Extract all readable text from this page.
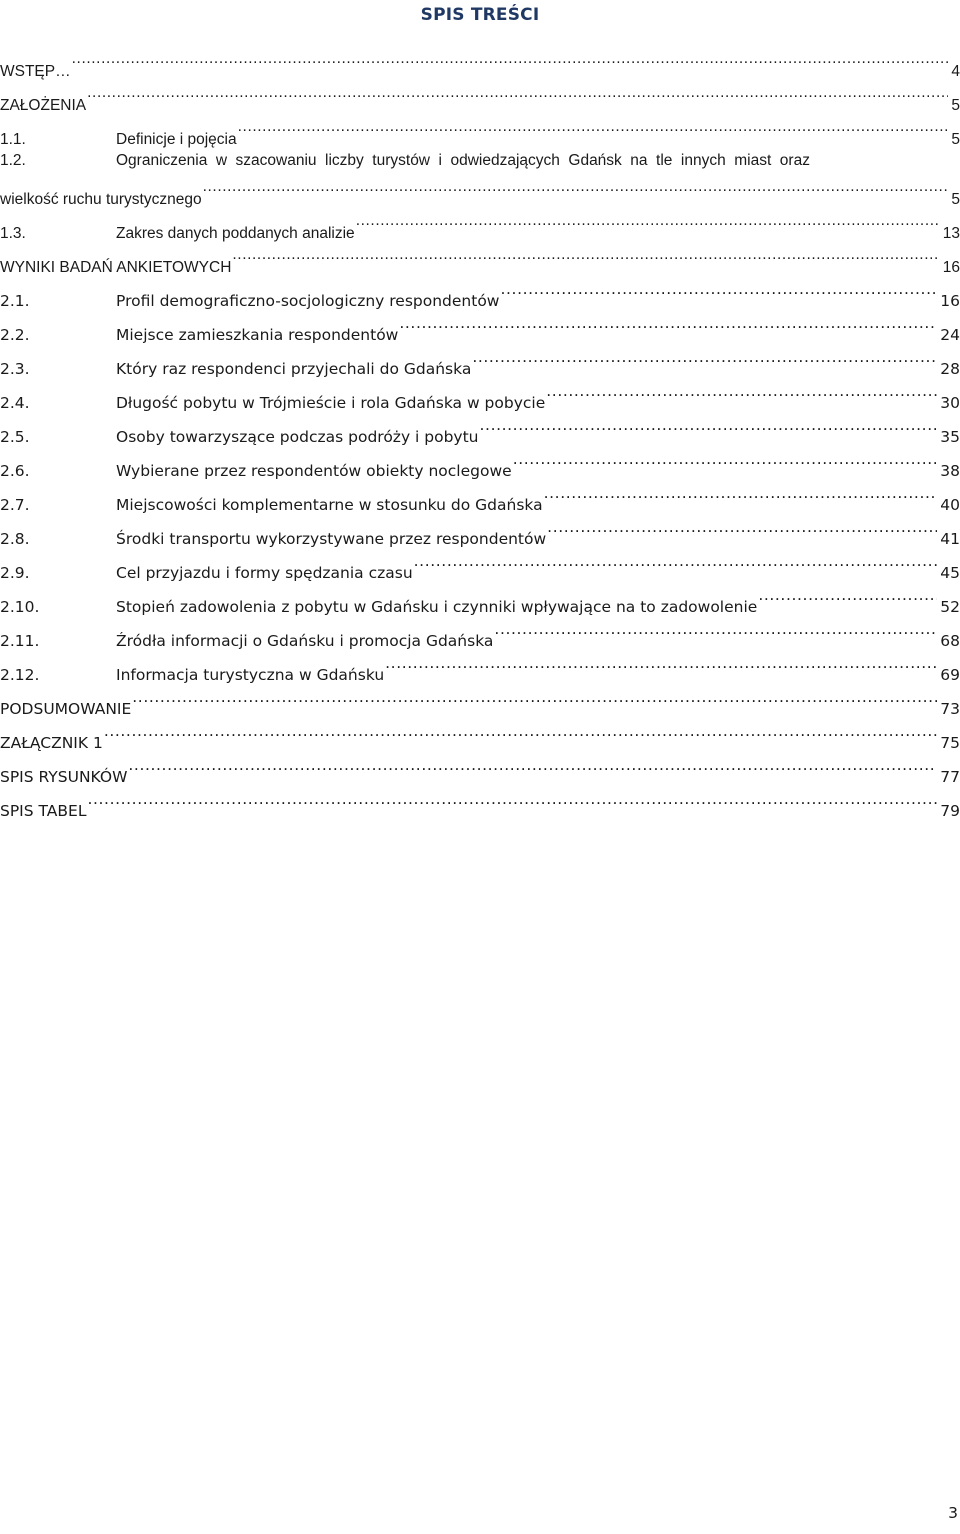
SPIS TREŚCI
WSTĘP… .....	4
ZAŁOŻENIA .....	5
1.1.	Definicje i pojęcia .....	5
1.2.	Ograniczenia w szacowaniu liczby turystów i odwiedzających Gdańsk na tle innych miast oraz
wielkość ruchu turystycznego .....	5
1.3.	Zakres danych poddanych analizie .....	13
WYNIKI BADAŃ ANKIETOWYCH .....	16
2.1.	Profil demograficzno-socjologiczny respondentów .....	16
2.2.	Miejsce zamieszkania respondentów .....	24
2.3.	Który raz respondenci przyjechali do Gdańska .....	28
2.4.	Długość pobytu w Trójmieście i rola Gdańska w pobycie .....	30
2.5.	Osoby towarzyszące podczas podróży i pobytu .....	35
2.6.	Wybierane przez respondentów obiekty noclegowe .....	38
2.7.	Miejscowości komplementarne w stosunku do Gdańska .....	40
2.8.	Środki transportu wykorzystywane przez respondentów .....	41
2.9.	Cel przyjazdu i formy spędzania czasu .....	45
2.10.	Stopień zadowolenia z pobytu w Gdańsku i czynniki wpływające na to zadowolenie .....	52
2.11.	Źródła informacji o Gdańsku i promocja Gdańska .....	68
2.12.	Informacja turystyczna w Gdańsku .....	69
PODSUMOWANIE .....	73
ZAŁĄCZNIK 1 .....	75
SPIS RYSUNKÓW .....	77
SPIS TABEL .....	79
3
